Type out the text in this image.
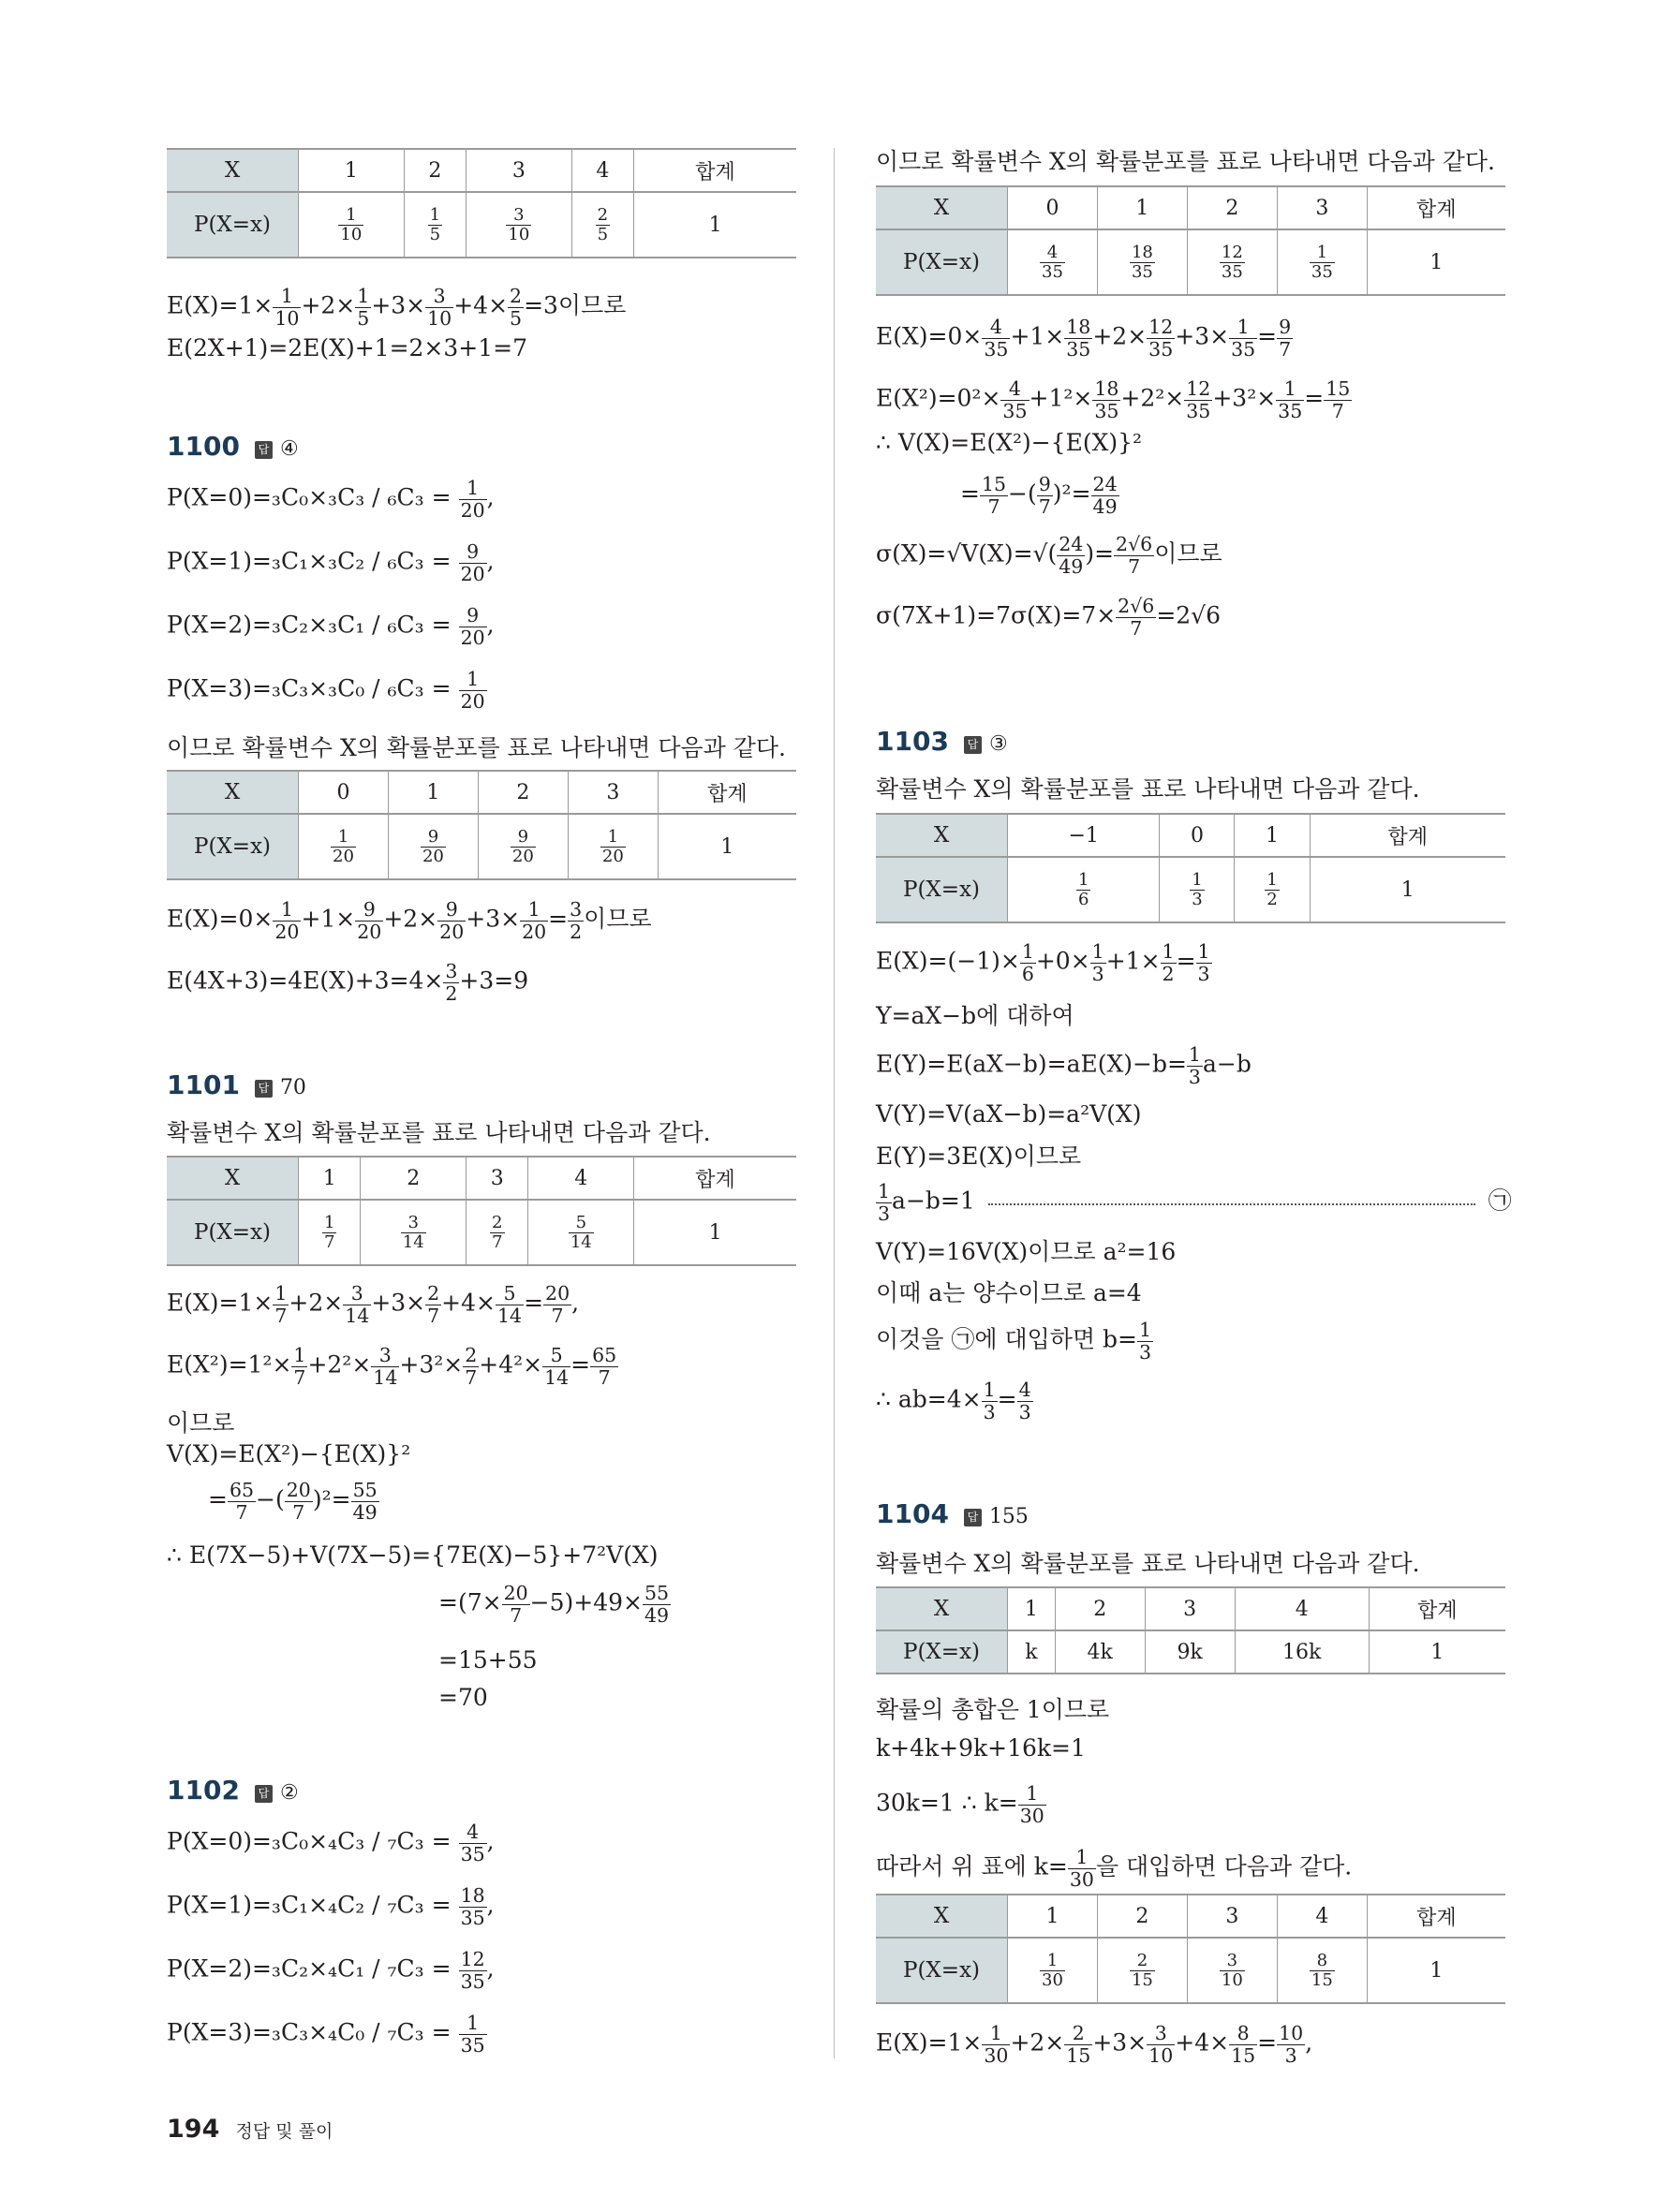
X	1	2	3	4	합계
P(X=x)	$\frac{1}{10}$	$\frac{1}{5}$	$\frac{3}{10}$	$\frac{2}{5}$	1
$E(X)=1\times \frac{1}{10} +2\times \frac{1}{5} +3\times \frac{3}{10} +4\times \frac{2}{5} =3$이므로
E(2X+1)=2E(X)+1=2×3+1=7
1100 답 ④
$P(X=0)=_3C_0\times_3C_3 / _6C_3 = \frac{1}{20}$ ,
$P(X=1)=_3C_1\times_3C_2 / _6C_3 = \frac{9}{20}$ ,
$P(X=2)=_3C_2\times_3C_1 / _6C_3 = \frac{9}{20}$ ,
$P(X=3)=_3C_3\times_3C_0 / _6C_3 = \frac{1}{20}$
이므로 확률변수 X의 확률분포를 표로 나타내면 다음과 같다.
X	0	1	2	3	합계
P(X=x)	$\frac{1}{20}$	$\frac{9}{20}$	$\frac{9}{20}$	$\frac{1}{20}$	1
$E(X)=0\times \frac{1}{20} +1\times \frac{9}{20} +2\times \frac{9}{20} +3\times \frac{1}{20} = \frac{3}{2}$ 이므로
$E(4X+3)=4E(X)+3=4\times \frac{3}{2} +3=9$
1101 답 70
확률변수 X의 확률분포를 표로 나타내면 다음과 같다.
X	1	2	3	4	합계
P(X=x)	$\frac{1}{7}$	$\frac{3}{14}$	$\frac{2}{7}$	$\frac{5}{14}$	1
$E(X)=1\times \frac{1}{7} +2\times \frac{3}{14} +3\times \frac{2}{7} +4\times \frac{5}{14} = \frac{20}{7}$ ,
$E(X^2)=1^2\times \frac{1}{7} +2^2\times \frac{3}{14} +3^2\times \frac{2}{7} +4^2\times \frac{5}{14} = \frac{65}{7}$
이므로
V(X)=E(X²)−{E(X)}²
= $\frac{65}{7}$ −( $\frac{20}{7} )^2= \frac{55}{49}$
∴ E(7X−5)+V(7X−5)={7E(X)−5}+7²V(X)
$=(7\times \frac{20}{7} -5)+49\times \frac{55}{49}$
=15+55
=70
1102 답 ②
$P(X=0)=_3C_0\times_4C_3 / _7C_3 = \frac{4}{35}$ ,
$P(X=1)=_3C_1\times_4C_2 / _7C_3 = \frac{18}{35}$ ,
$P(X=2)=_3C_2\times_4C_1 / _7C_3 = \frac{12}{35}$ ,
$P(X=3)=_3C_3\times_4C_0 / _7C_3 = \frac{1}{35}$
이므로 확률변수 X의 확률분포를 표로 나타내면 다음과 같다.
X	0	1	2	3	합계
P(X=x)	$\frac{4}{35}$	$\frac{18}{35}$	$\frac{12}{35}$	$\frac{1}{35}$	1
$E(X)=0\times \frac{4}{35} +1\times \frac{18}{35} +2\times \frac{12}{35} +3\times \frac{1}{35} = \frac{9}{7}$
$E(X^2)=0^2\times \frac{4}{35} +1^2\times \frac{18}{35} +2^2\times \frac{12}{35} +3^2\times \frac{1}{35} = \frac{15}{7}$
∴ V(X)=E(X²)−{E(X)}²
= $\frac{15}{7}$ −( $\frac{9}{7} )^2= \frac{24}{49}$
$\sigma(X)=√V(X)=√( \frac{24}{49}$ )= $\frac{2√6}{7}$ 이므로
$\sigma(7X+1)=7\sigma(X)=7\times \frac{2√6}{7} =2√6$
1103 답 ③
확률변수 X의 확률분포를 표로 나타내면 다음과 같다.
X	−1	0	1	합계
P(X=x)	$\frac{1}{6}$	$\frac{1}{3}$	$\frac{1}{2}$	1
$E(X)=(-1)\times \frac{1}{6} +0\times \frac{1}{3} +1\times \frac{1}{2} = \frac{1}{3}$
Y=aX−b에 대하여
$E(Y)=E(aX-b)=aE(X)-b= \frac{1}{3} a-b$
V(Y)=V(aX−b)=a²V(X)
E(Y)=3E(X)이므로
$\frac{1}{3} a-b=1$	㉠
V(Y)=16V(X)이므로 a²=16
이때 a는 양수이므로 a=4
이것을 ㉠에 대입하면 $b= \frac{1}{3}$
∴ $ab=4\times \frac{1}{3} = \frac{4}{3}$
1104 답 155
확률변수 X의 확률분포를 표로 나타내면 다음과 같다.
X	1	2	3	4	합계
P(X=x)	k	4k	9k	16k	1
확률의 총합은 1이므로
k+4k+9k+16k=1
30k=1 ∴ $k= \frac{1}{30}$
따라서 위 표에 $k= \frac{1}{30}$ 을 대입하면 다음과 같다.
X	1	2	3	4	합계
P(X=x)	$\frac{1}{30}$	$\frac{2}{15}$	$\frac{3}{10}$	$\frac{8}{15}$	1
$E(X)=1\times \frac{1}{30} +2\times \frac{2}{15} +3\times \frac{3}{10} +4\times \frac{8}{15} = \frac{10}{3}$ ,
194 정답 및 풀이
